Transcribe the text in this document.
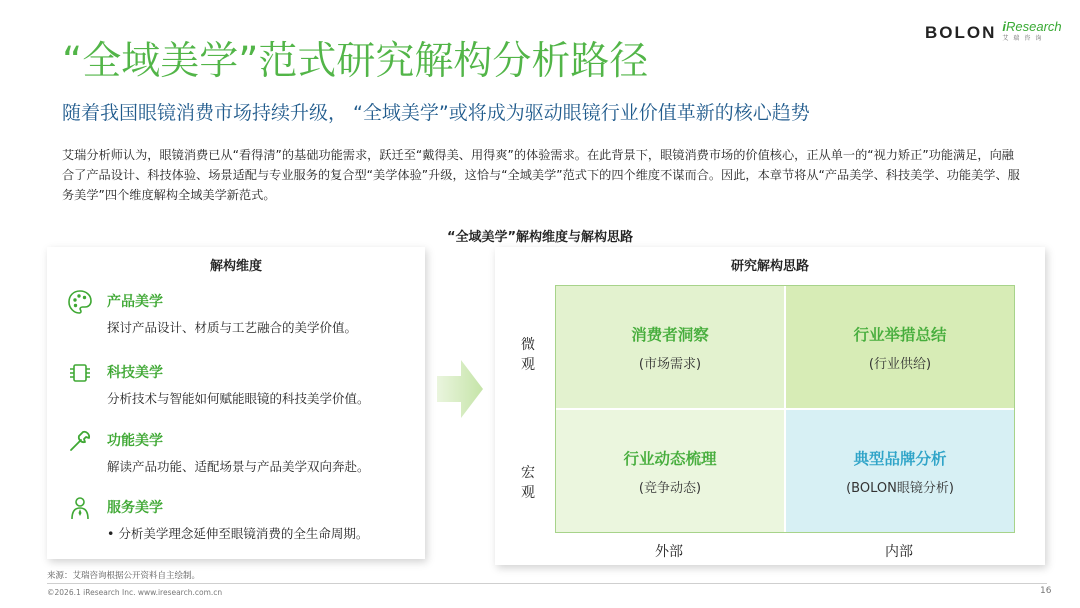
BOLON iResearch
艾瑞咨询
“全域美学”范式研究解构分析路径
随着我国眼镜消费市场持续升级， “全域美学”或将成为驱动眼镜行业价值革新的核心趋势
艾瑞分析师认为，眼镜消费已从“看得清”的基础功能需求，跃迁至“戴得美、用得爽”的体验需求。在此背景下，眼镜消费市场的价值核心，正从单一的“视力矫正”功能满足，向融合了产品设计、科技体验、场景适配与专业服务的复合型“美学体验”升级，这恰与“全域美学”范式下的四个维度不谋而合。因此，本章节将从“产品美学、科技美学、功能美学、服务美学”四个维度解构全域美学新范式。
“全域美学”解构维度与解构思路
解构维度
产品美学
探讨产品设计、材质与工艺融合的美学价值。
科技美学
分析技术与智能如何赋能眼镜的科技美学价值。
功能美学
解读产品功能、适配场景与产品美学双向奔赴。
服务美学
• 分析美学理念延伸至眼镜消费的全生命周期。
研究解构思路
微观
宏观
消费者洞察
(市场需求)
行业举措总结
(行业供给)
行业动态梳理
(竞争动态)
典型品牌分析
(BOLON眼镜分析)
外部	内部
来源：艾瑞咨询根据公开资料自主绘制。
©2026.1 iResearch Inc. www.iresearch.com.cn	16
